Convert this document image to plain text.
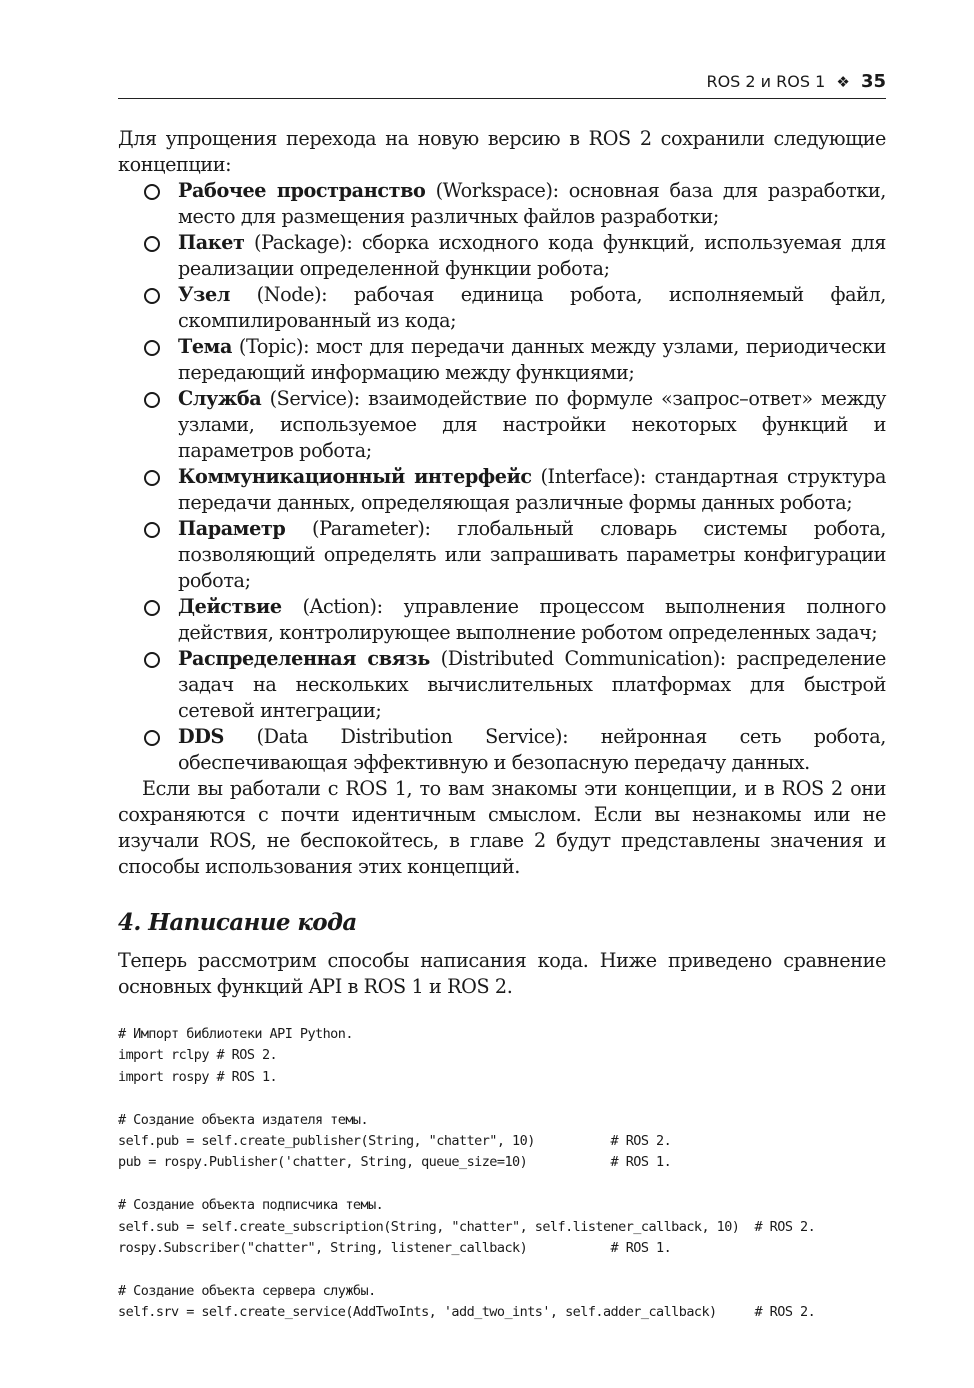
ROS 2 и ROS 1 ❖ 35

Для упрощения перехода на новую версию в ROS 2 сохранили следующие концепции:

Рабочее пространство (Workspace): основная база для разработки, место для размещения различных файлов разработки;
Пакет (Package): сборка исходного кода функций, используемая для реализации определенной функции робота;
Узел (Node): рабочая единица робота, исполняемый файл, скомпилированный из кода;
Тема (Topic): мост для передачи данных между узлами, периодически передающий информацию между функциями;
Служба (Service): взаимодействие по формуле «запрос–ответ» между узлами, используемое для настройки некоторых функций и параметров робота;
Коммуникационный интерфейс (Interface): стандартная структура передачи данных, определяющая различные формы данных робота;
Параметр (Parameter): глобальный словарь системы робота, позволяющий определять или запрашивать параметры конфигурации робота;
Действие (Action): управление процессом выполнения полного действия, контролирующее выполнение роботом определенных задач;
Распределенная связь (Distributed Communication): распределение задач на нескольких вычислительных платформах для быстрой сетевой интеграции;
DDS (Data Distribution Service): нейронная сеть робота, обеспечивающая эффективную и безопасную передачу данных.

Если вы работали с ROS 1, то вам знакомы эти концепции, и в ROS 2 они сохраняются с почти идентичным смыслом. Если вы незнакомы или не изучали ROS, не беспокойтесь, в главе 2 будут представлены значения и способы использования этих концепций.

4. Написание кода

Теперь рассмотрим способы написания кода. Ниже приведено сравнение основных функций API в ROS 1 и ROS 2.

# Импорт библиотеки API Python.
import rclpy # ROS 2.
import rospy # ROS 1.
# Создание объекта издателя темы.
self.pub = self.create_publisher(String, "chatter", 10)          # ROS 2.
pub = rospy.Publisher('chatter, String, queue_size=10)           # ROS 1.
# Создание объекта подписчика темы.
self.sub = self.create_subscription(String, "chatter", self.listener_callback, 10)  # ROS 2.
rospy.Subscriber("chatter", String, listener_callback)           # ROS 1.
# Создание объекта сервера службы.
self.srv = self.create_service(AddTwoInts, 'add_two_ints', self.adder_callback)     # ROS 2.
